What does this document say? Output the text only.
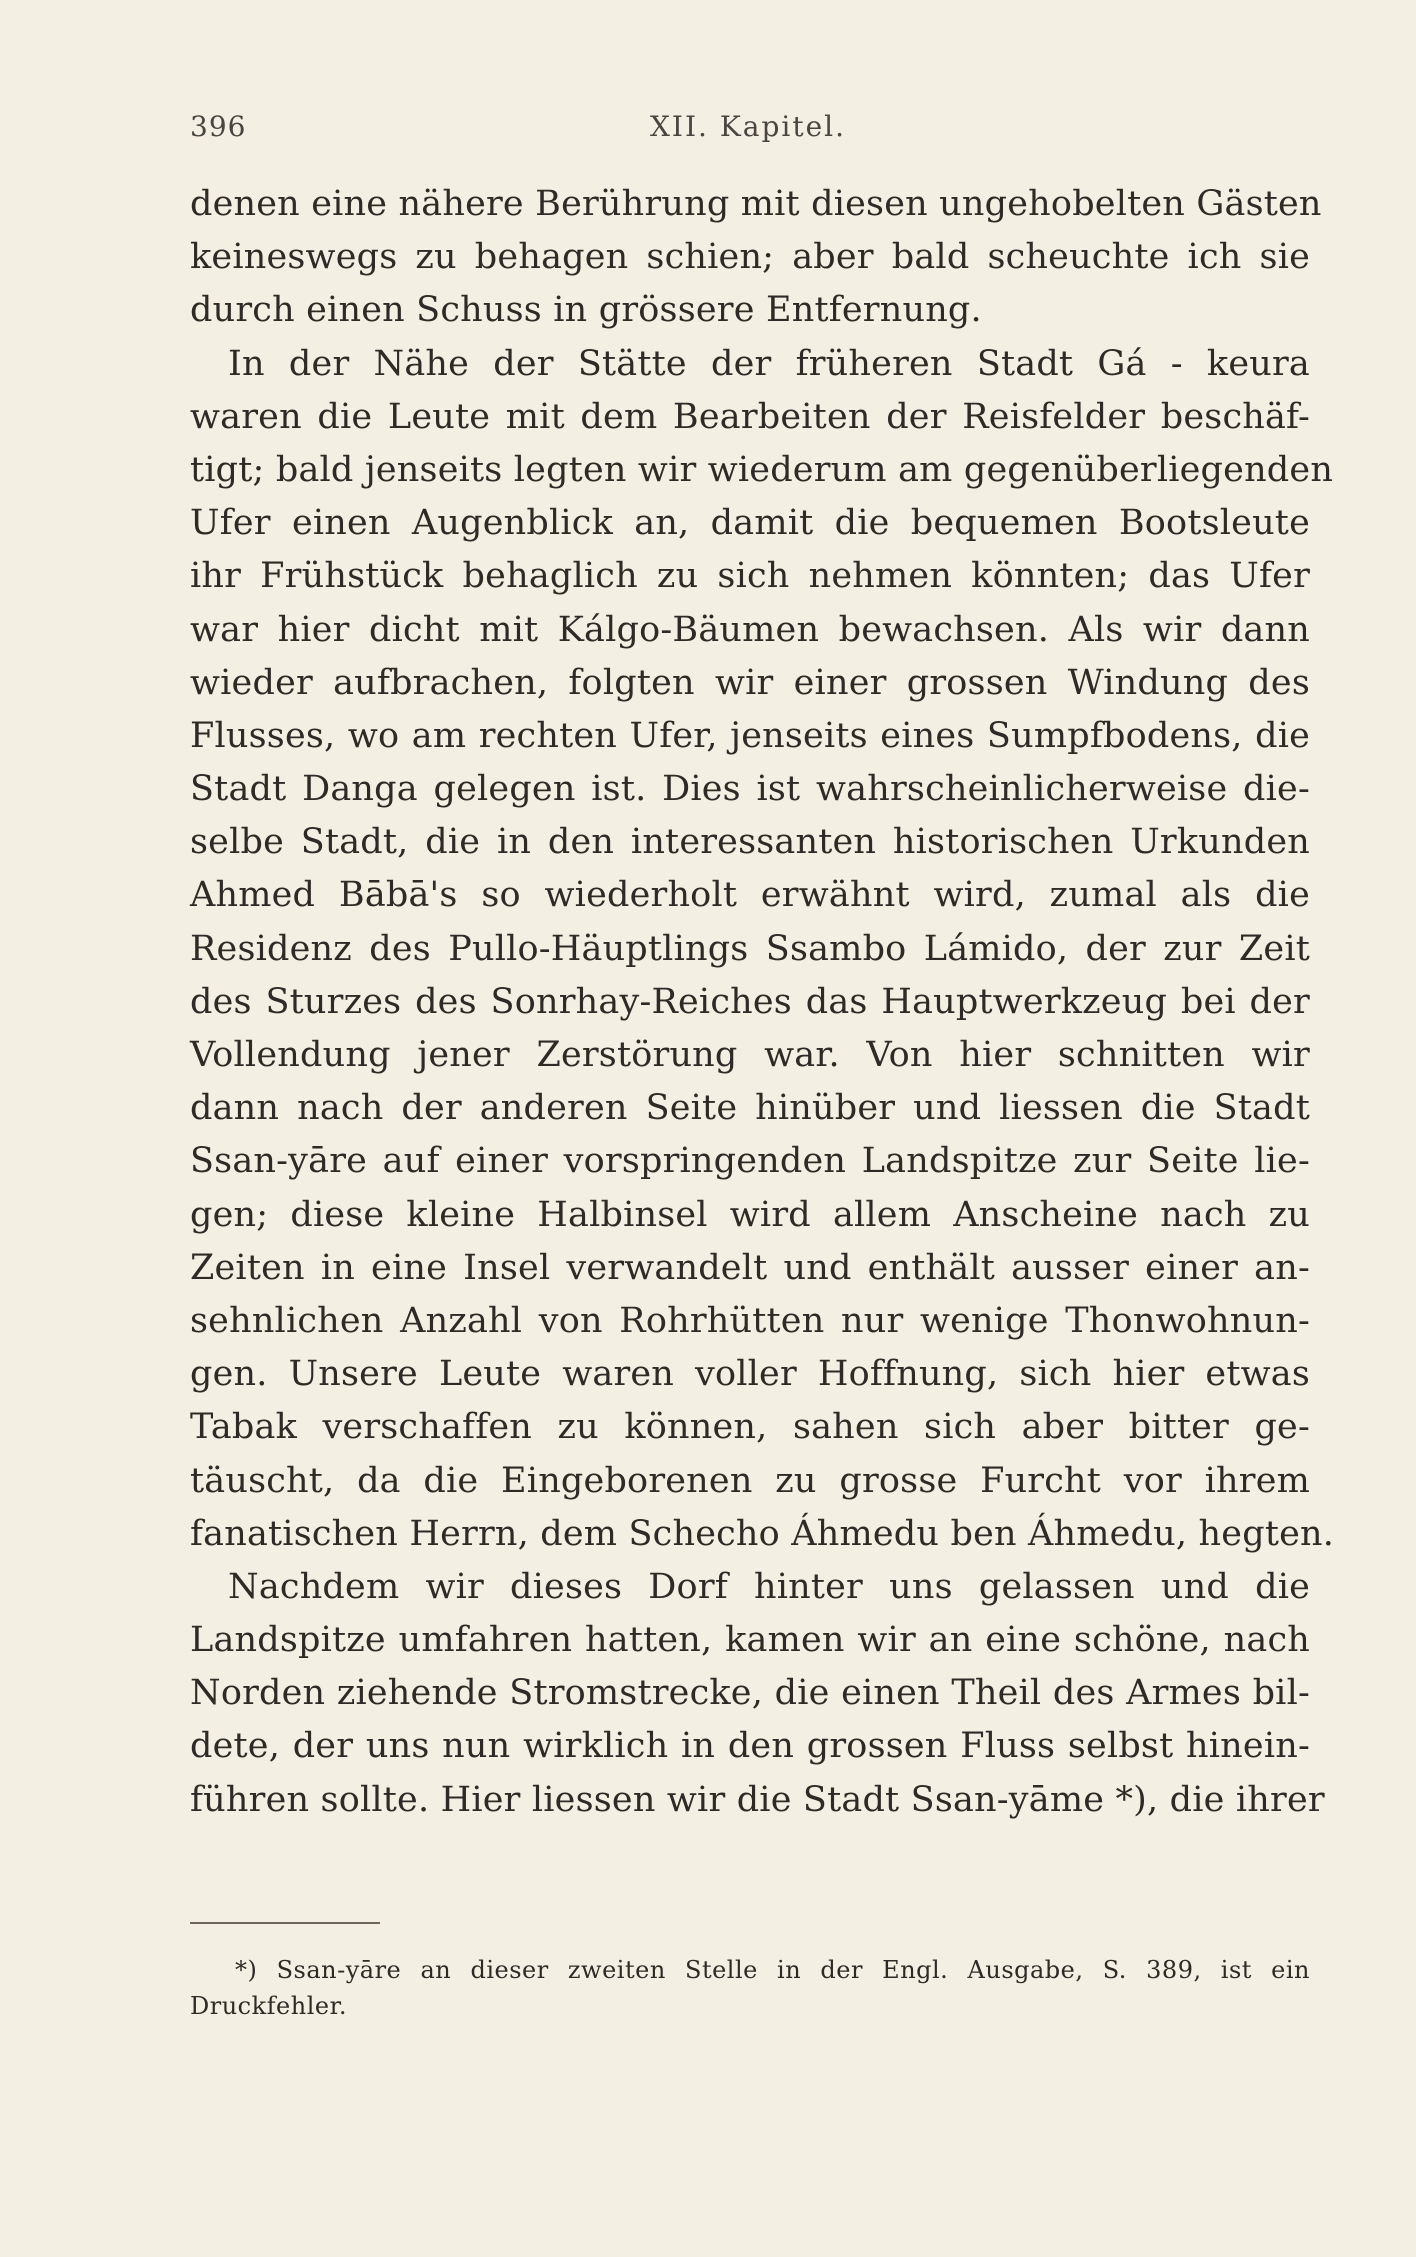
396	XII. Kapitel.
denen eine nähere Berührung mit diesen ungehobelten Gästen
keineswegs zu behagen schien; aber bald scheuchte ich sie
durch einen Schuss in grössere Entfernung.
In der Nähe der Stätte der früheren Stadt Gá - keura
waren die Leute mit dem Bearbeiten der Reisfelder beschäf-
tigt; bald jenseits legten wir wiederum am gegenüberliegenden
Ufer einen Augenblick an, damit die bequemen Bootsleute
ihr Frühstück behaglich zu sich nehmen könnten; das Ufer
war hier dicht mit Kálgo-Bäumen bewachsen. Als wir dann
wieder aufbrachen, folgten wir einer grossen Windung des
Flusses, wo am rechten Ufer, jenseits eines Sumpfbodens, die
Stadt Danga gelegen ist. Dies ist wahrscheinlicherweise die-
selbe Stadt, die in den interessanten historischen Urkunden
Ahmed Bābā's so wiederholt erwähnt wird, zumal als die
Residenz des Pullo-Häuptlings Ssambo Lámido, der zur Zeit
des Sturzes des Sonrhay-Reiches das Hauptwerkzeug bei der
Vollendung jener Zerstörung war. Von hier schnitten wir
dann nach der anderen Seite hinüber und liessen die Stadt
Ssan-yāre auf einer vorspringenden Landspitze zur Seite lie-
gen; diese kleine Halbinsel wird allem Anscheine nach zu
Zeiten in eine Insel verwandelt und enthält ausser einer an-
sehnlichen Anzahl von Rohrhütten nur wenige Thonwohnun-
gen. Unsere Leute waren voller Hoffnung, sich hier etwas
Tabak verschaffen zu können, sahen sich aber bitter ge-
täuscht, da die Eingeborenen zu grosse Furcht vor ihrem
fanatischen Herrn, dem Schecho Áhmedu ben Áhmedu, hegten.
Nachdem wir dieses Dorf hinter uns gelassen und die
Landspitze umfahren hatten, kamen wir an eine schöne, nach
Norden ziehende Stromstrecke, die einen Theil des Armes bil-
dete, der uns nun wirklich in den grossen Fluss selbst hinein-
führen sollte. Hier liessen wir die Stadt Ssan-yāme *), die ihrer
*) Ssan-yāre an dieser zweiten Stelle in der Engl. Ausgabe, S. 389, ist ein
Druckfehler.
